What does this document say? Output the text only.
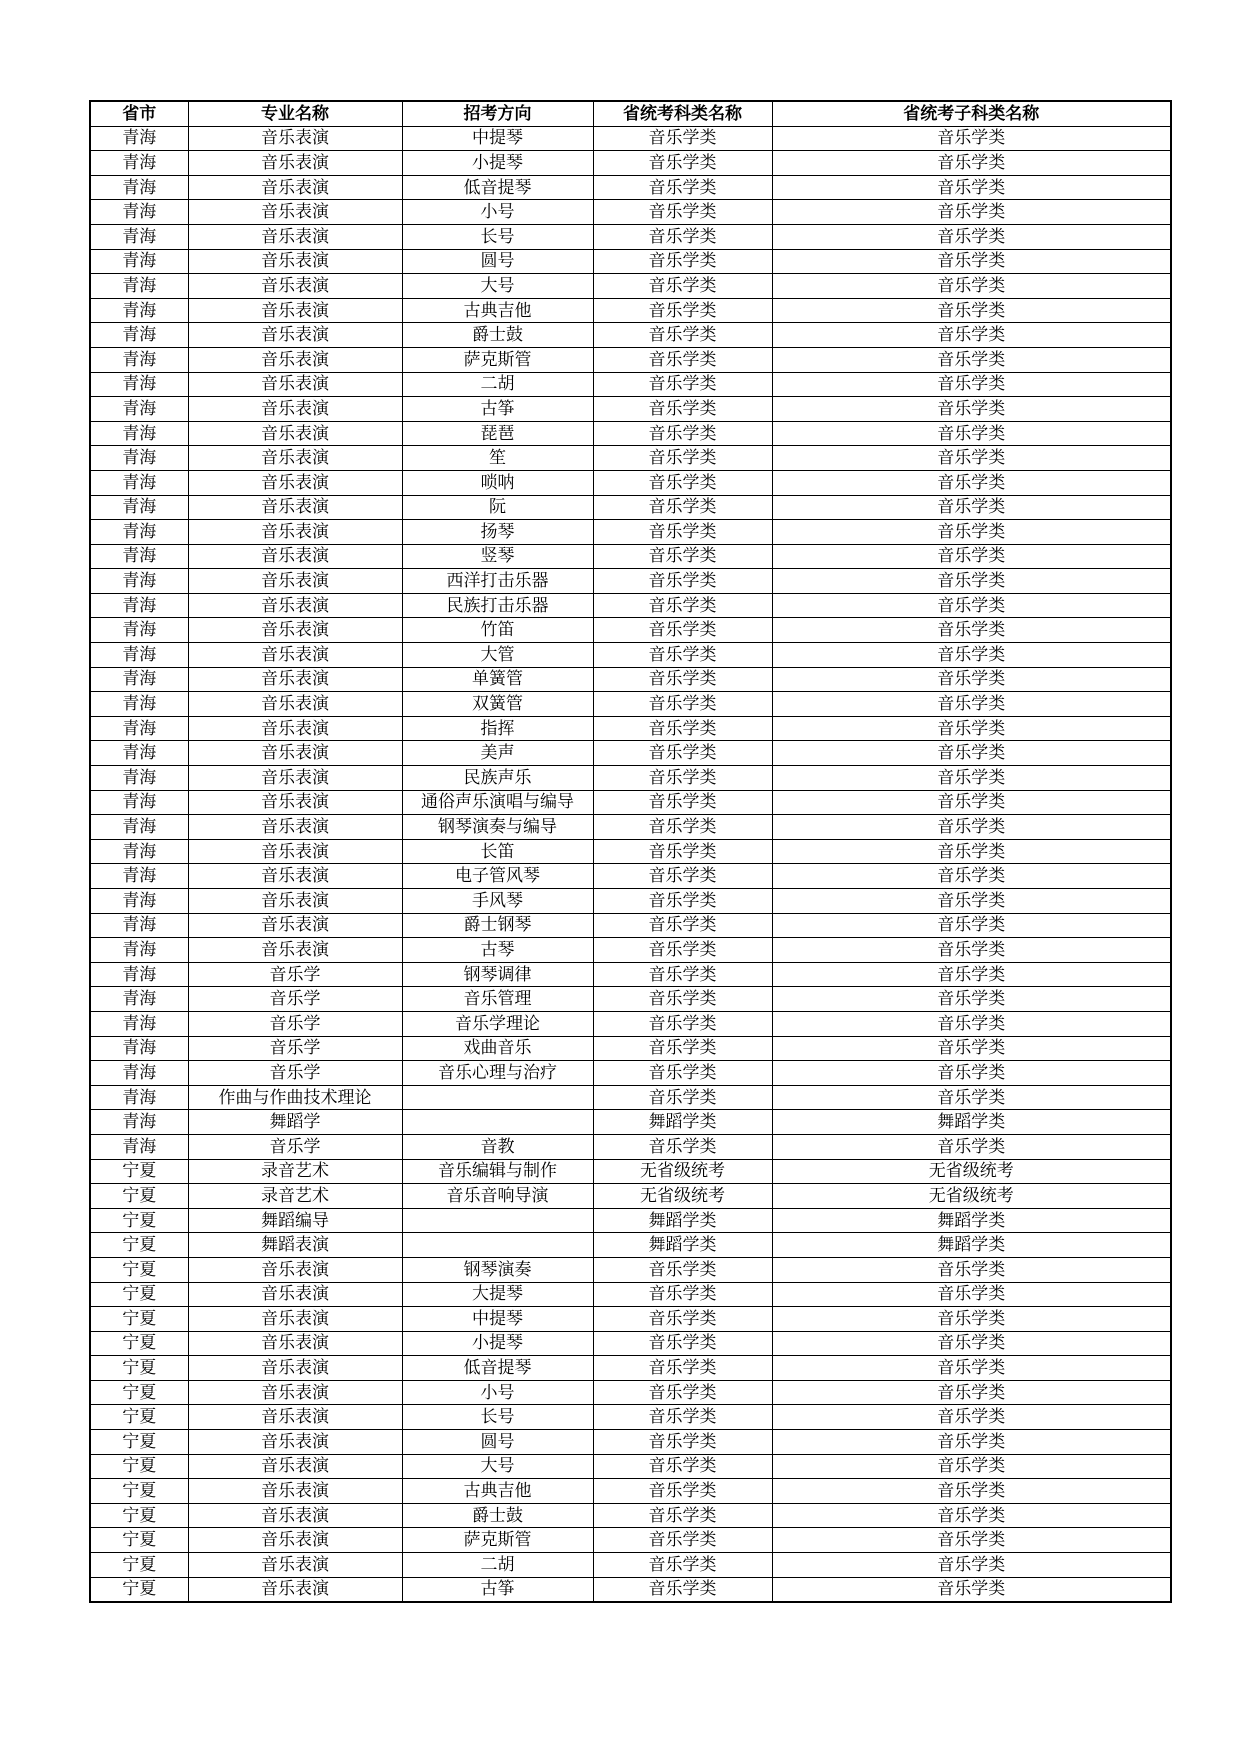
省市	专业名称	招考方向	省统考科类名称	省统考子科类名称
青海	音乐表演	中提琴	音乐学类	音乐学类
青海	音乐表演	小提琴	音乐学类	音乐学类
青海	音乐表演	低音提琴	音乐学类	音乐学类
青海	音乐表演	小号	音乐学类	音乐学类
青海	音乐表演	长号	音乐学类	音乐学类
青海	音乐表演	圆号	音乐学类	音乐学类
青海	音乐表演	大号	音乐学类	音乐学类
青海	音乐表演	古典吉他	音乐学类	音乐学类
青海	音乐表演	爵士鼓	音乐学类	音乐学类
青海	音乐表演	萨克斯管	音乐学类	音乐学类
青海	音乐表演	二胡	音乐学类	音乐学类
青海	音乐表演	古筝	音乐学类	音乐学类
青海	音乐表演	琵琶	音乐学类	音乐学类
青海	音乐表演	笙	音乐学类	音乐学类
青海	音乐表演	唢呐	音乐学类	音乐学类
青海	音乐表演	阮	音乐学类	音乐学类
青海	音乐表演	扬琴	音乐学类	音乐学类
青海	音乐表演	竖琴	音乐学类	音乐学类
青海	音乐表演	西洋打击乐器	音乐学类	音乐学类
青海	音乐表演	民族打击乐器	音乐学类	音乐学类
青海	音乐表演	竹笛	音乐学类	音乐学类
青海	音乐表演	大管	音乐学类	音乐学类
青海	音乐表演	单簧管	音乐学类	音乐学类
青海	音乐表演	双簧管	音乐学类	音乐学类
青海	音乐表演	指挥	音乐学类	音乐学类
青海	音乐表演	美声	音乐学类	音乐学类
青海	音乐表演	民族声乐	音乐学类	音乐学类
青海	音乐表演	通俗声乐演唱与编导	音乐学类	音乐学类
青海	音乐表演	钢琴演奏与编导	音乐学类	音乐学类
青海	音乐表演	长笛	音乐学类	音乐学类
青海	音乐表演	电子管风琴	音乐学类	音乐学类
青海	音乐表演	手风琴	音乐学类	音乐学类
青海	音乐表演	爵士钢琴	音乐学类	音乐学类
青海	音乐表演	古琴	音乐学类	音乐学类
青海	音乐学	钢琴调律	音乐学类	音乐学类
青海	音乐学	音乐管理	音乐学类	音乐学类
青海	音乐学	音乐学理论	音乐学类	音乐学类
青海	音乐学	戏曲音乐	音乐学类	音乐学类
青海	音乐学	音乐心理与治疗	音乐学类	音乐学类
青海	作曲与作曲技术理论		音乐学类	音乐学类
青海	舞蹈学		舞蹈学类	舞蹈学类
青海	音乐学	音教	音乐学类	音乐学类
宁夏	录音艺术	音乐编辑与制作	无省级统考	无省级统考
宁夏	录音艺术	音乐音响导演	无省级统考	无省级统考
宁夏	舞蹈编导		舞蹈学类	舞蹈学类
宁夏	舞蹈表演		舞蹈学类	舞蹈学类
宁夏	音乐表演	钢琴演奏	音乐学类	音乐学类
宁夏	音乐表演	大提琴	音乐学类	音乐学类
宁夏	音乐表演	中提琴	音乐学类	音乐学类
宁夏	音乐表演	小提琴	音乐学类	音乐学类
宁夏	音乐表演	低音提琴	音乐学类	音乐学类
宁夏	音乐表演	小号	音乐学类	音乐学类
宁夏	音乐表演	长号	音乐学类	音乐学类
宁夏	音乐表演	圆号	音乐学类	音乐学类
宁夏	音乐表演	大号	音乐学类	音乐学类
宁夏	音乐表演	古典吉他	音乐学类	音乐学类
宁夏	音乐表演	爵士鼓	音乐学类	音乐学类
宁夏	音乐表演	萨克斯管	音乐学类	音乐学类
宁夏	音乐表演	二胡	音乐学类	音乐学类
宁夏	音乐表演	古筝	音乐学类	音乐学类
